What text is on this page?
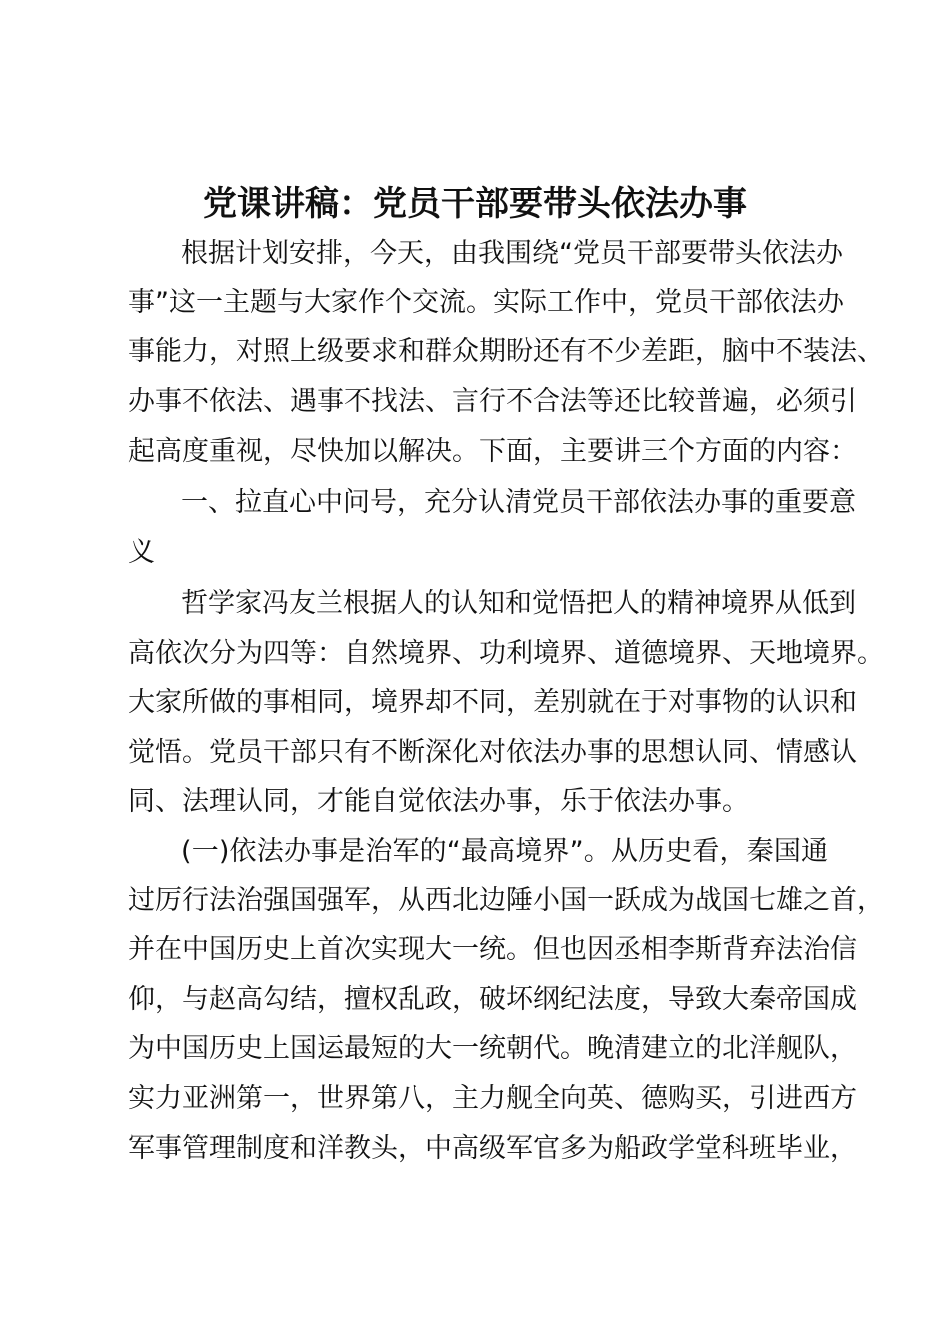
党课讲稿：党员干部要带头依法办事

根据计划安排，今天，由我围绕“党员干部要带头依法办

事”这一主题与大家作个交流。实际工作中，党员干部依法办

事能力，对照上级要求和群众期盼还有不少差距，脑中不装法、

办事不依法、遇事不找法、言行不合法等还比较普遍，必须引

起高度重视，尽快加以解决。下面，主要讲三个方面的内容：

一、拉直心中问号，充分认清党员干部依法办事的重要意

义

哲学家冯友兰根据人的认知和觉悟把人的精神境界从低到

高依次分为四等：自然境界、功利境界、道德境界、天地境界。

大家所做的事相同，境界却不同，差别就在于对事物的认识和

觉悟。党员干部只有不断深化对依法办事的思想认同、情感认

同、法理认同，才能自觉依法办事，乐于依法办事。

(一)依法办事是治军的“最高境界”。从历史看，秦国通

过厉行法治强国强军，从西北边陲小国一跃成为战国七雄之首，

并在中国历史上首次实现大一统。但也因丞相李斯背弃法治信

仰，与赵高勾结，擅权乱政，破坏纲纪法度，导致大秦帝国成

为中国历史上国运最短的大一统朝代。晚清建立的北洋舰队，

实力亚洲第一，世界第八，主力舰全向英、德购买，引进西方

军事管理制度和洋教头，中高级军官多为船政学堂科班毕业，
